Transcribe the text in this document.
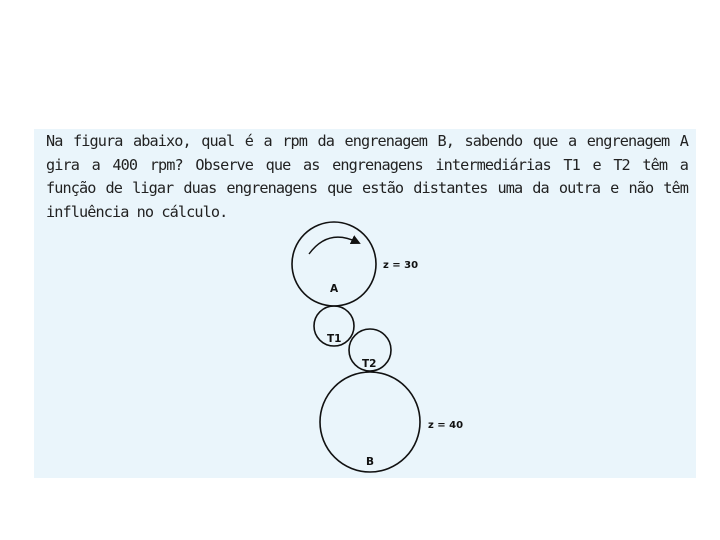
Na figura abaixo, qual é a rpm da engrenagem B, sabendo que a engrenagem A gira a 400 rpm? Observe que as engrenagens intermediárias T1 e T2 têm a função de ligar duas engrenagens que estão distantes uma da outra e não têm influência no cálculo.

A
z = 30
T1
T2
B
z = 40
